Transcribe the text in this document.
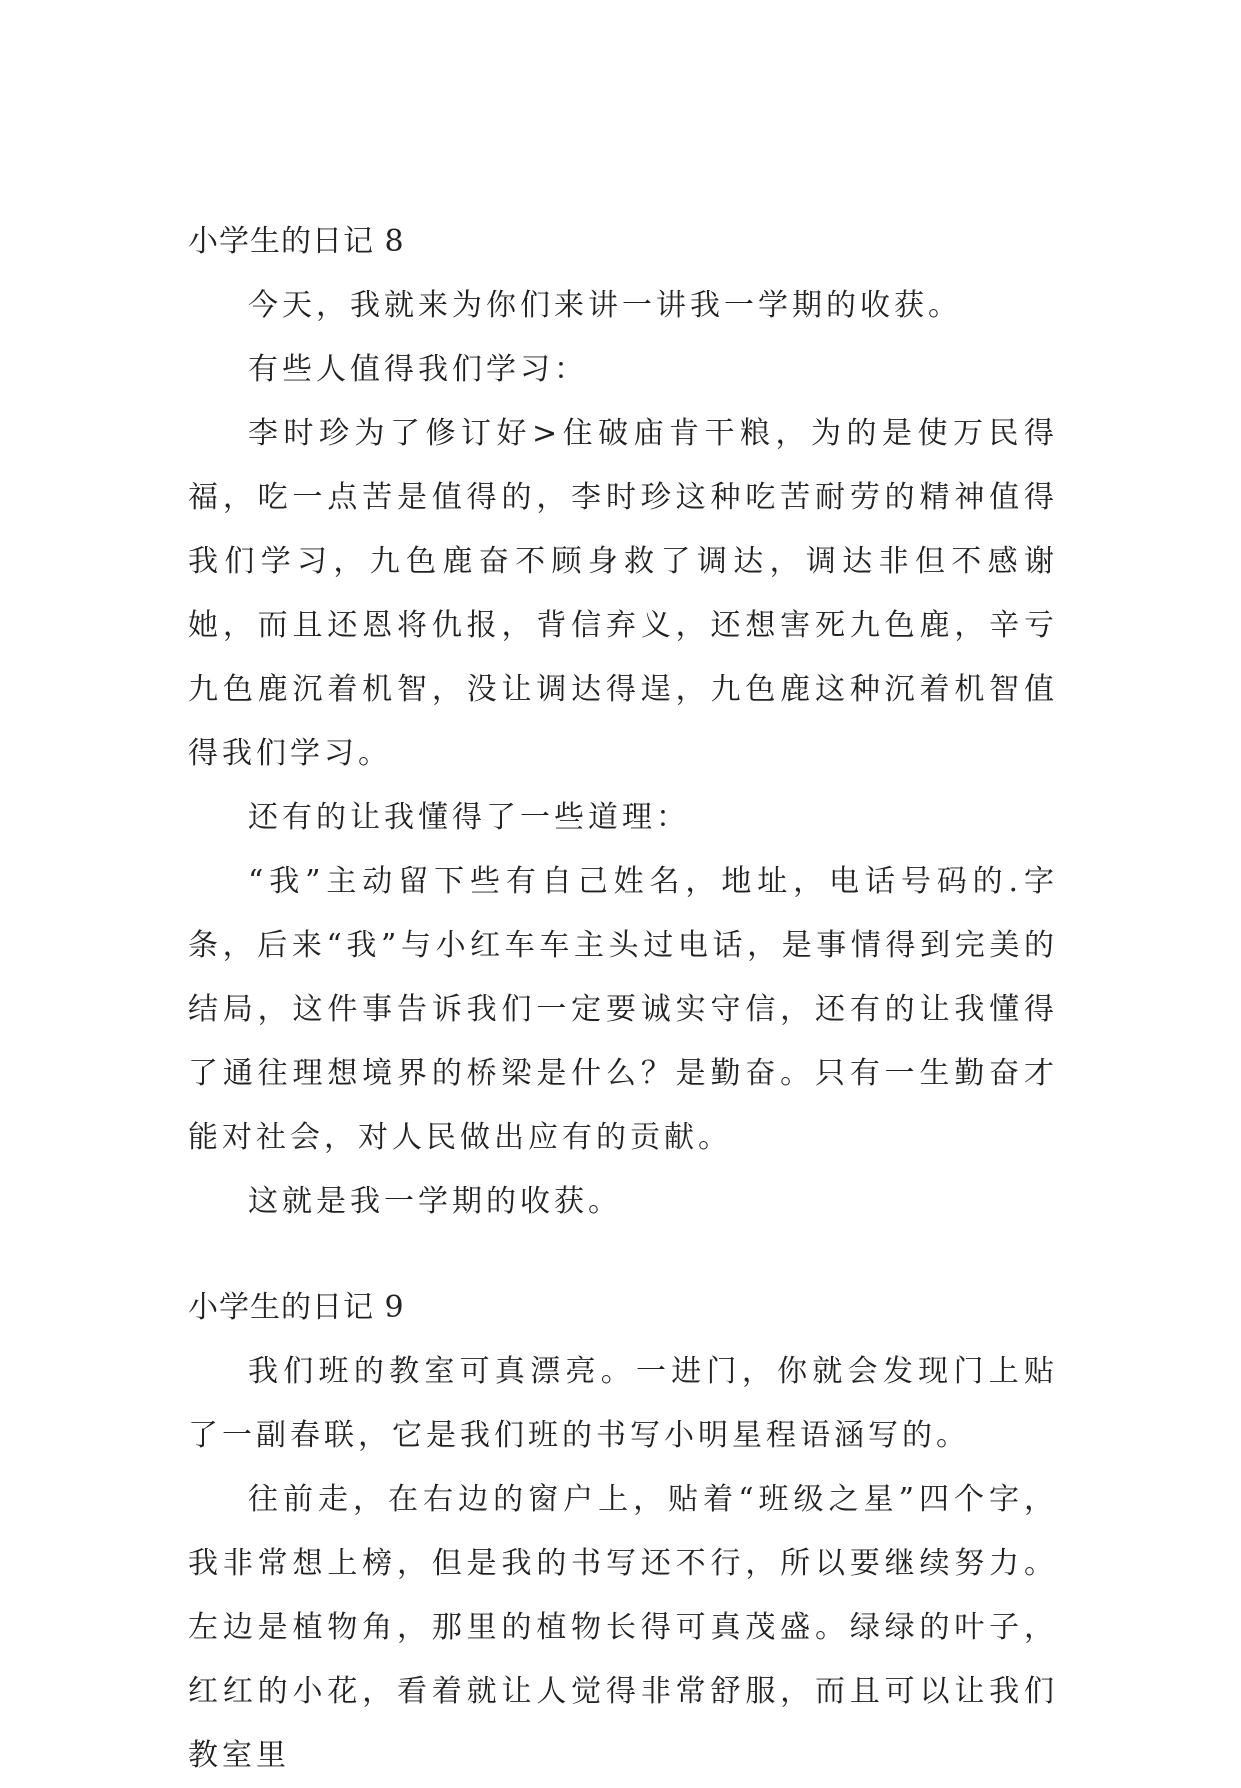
小学生的日记 8

今天，我就来为你们来讲一讲我一学期的收获。

有些人值得我们学习：

李时珍为了修订好>住破庙肯干粮，为的是使万民得福，吃一点苦是值得的，李时珍这种吃苦耐劳的精神值得我们学习，九色鹿奋不顾身救了调达，调达非但不感谢她，而且还恩将仇报，背信弃义，还想害死九色鹿，辛亏九色鹿沉着机智，没让调达得逞，九色鹿这种沉着机智值得我们学习。

还有的让我懂得了一些道理：

“我”主动留下些有自己姓名，地址，电话号码的.字条，后来“我”与小红车车主头过电话，是事情得到完美的结局，这件事告诉我们一定要诚实守信，还有的让我懂得了通往理想境界的桥梁是什么？是勤奋。只有一生勤奋才能对社会，对人民做出应有的贡献。

这就是我一学期的收获。

小学生的日记 9

我们班的教室可真漂亮。一进门，你就会发现门上贴了一副春联，它是我们班的书写小明星程语涵写的。

往前走，在右边的窗户上，贴着“班级之星”四个字，我非常想上榜，但是我的书写还不行，所以要继续努力。左边是植物角，那里的植物长得可真茂盛。绿绿的叶子，红红的小花，看着就让人觉得非常舒服，而且可以让我们教室里
